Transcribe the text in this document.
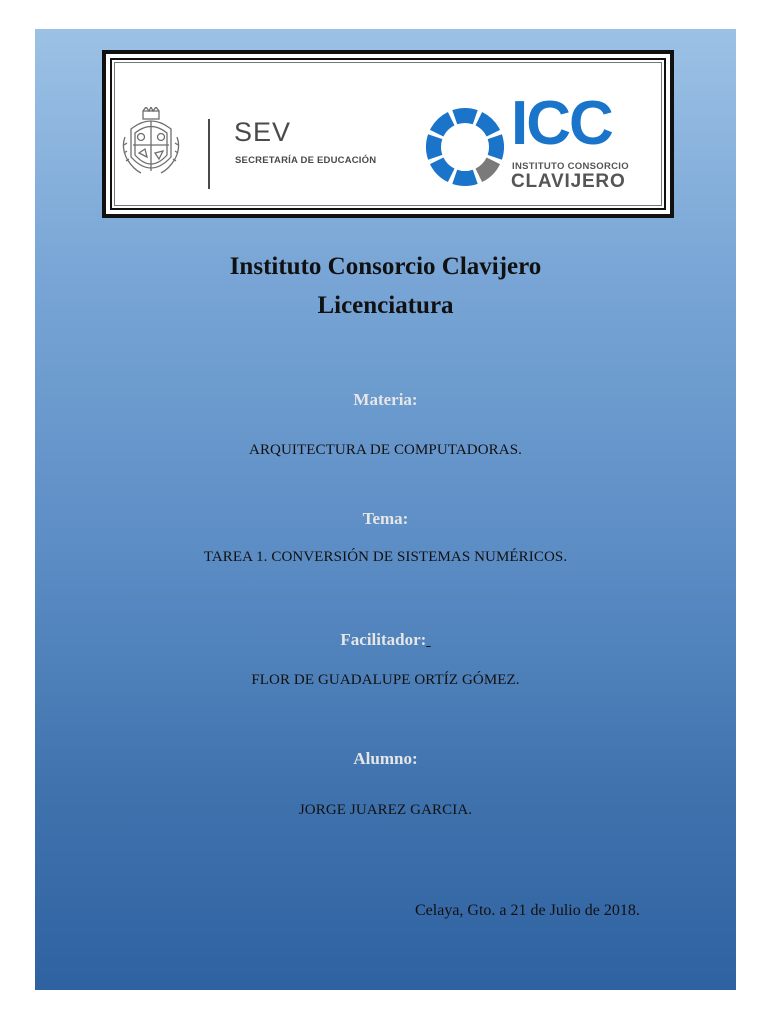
SEV
SECRETARÍA DE EDUCACIÓN
ICC
INSTITUTO CONSORCIO
CLAVIJERO
Instituto Consorcio Clavijero
Licenciatura
Materia:
ARQUITECTURA DE COMPUTADORAS.
Tema:
TAREA 1. CONVERSIÓN DE SISTEMAS NUMÉRICOS.
Facilitador:
FLOR DE GUADALUPE ORTÍZ GÓMEZ.
Alumno:
JORGE JUAREZ GARCIA.
Celaya, Gto. a 21 de Julio de 2018.
